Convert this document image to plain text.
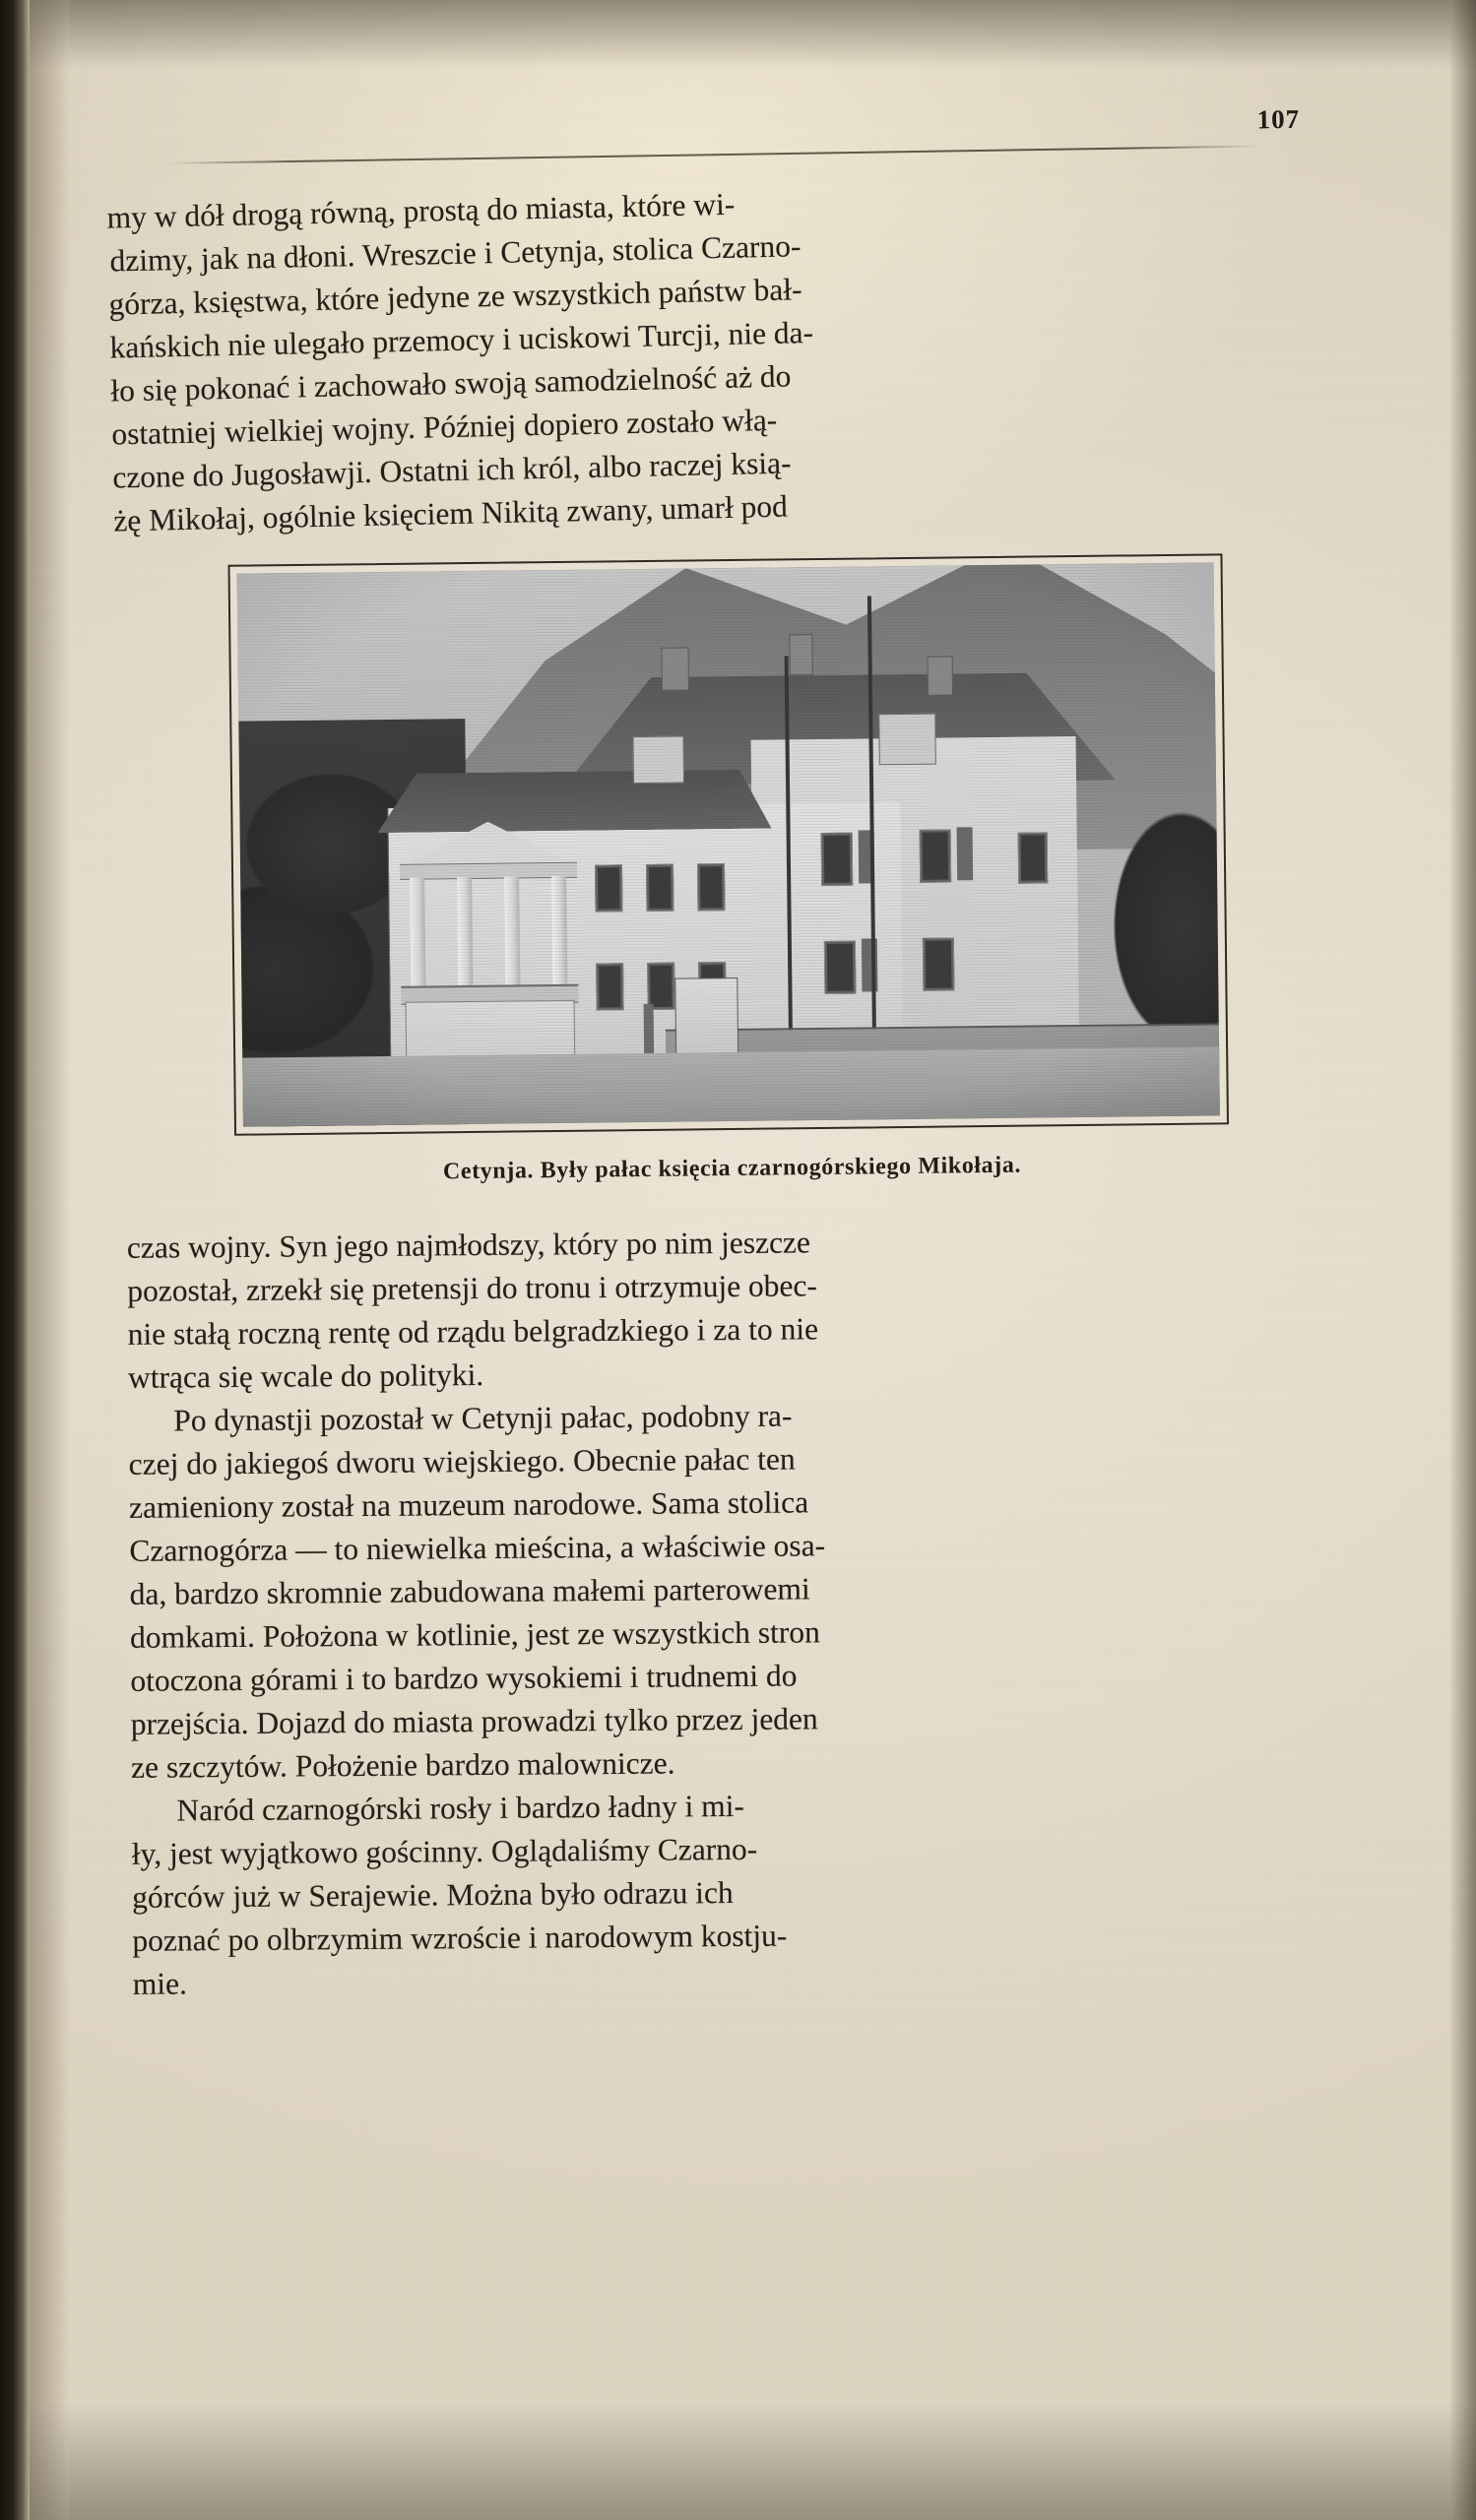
107
my w dół drogą równą, prostą do miasta, które wi-
dzimy, jak na dłoni. Wreszcie i Cetynja, stolica Czarno-
górza, księstwa, które jedyne ze wszystkich państw bał-
kańskich nie ulegało przemocy i uciskowi Turcji, nie da-
ło się pokonać i zachowało swoją samodzielność aż do
ostatniej wielkiej wojny. Później dopiero zostało włą-
czone do Jugosławji. Ostatni ich król, albo raczej ksią-
żę Mikołaj, ogólnie księciem Nikitą zwany, umarł pod
Cetynja. Były pałac księcia czarnogórskiego Mikołaja.
czas wojny. Syn jego najmłodszy, który po nim jeszcze
pozostał, zrzekł się pretensji do tronu i otrzymuje obec-
nie stałą roczną rentę od rządu belgradzkiego i za to nie
wtrąca się wcale do polityki.
Po dynastji pozostał w Cetynji pałac, podobny ra-
czej do jakiegoś dworu wiejskiego. Obecnie pałac ten
zamieniony został na muzeum narodowe. Sama stolica
Czarnogórza — to niewielka mieścina, a właściwie osa-
da, bardzo skromnie zabudowana małemi parterowemi
domkami. Położona w kotlinie, jest ze wszystkich stron
otoczona górami i to bardzo wysokiemi i trudnemi do
przejścia. Dojazd do miasta prowadzi tylko przez jeden
ze szczytów. Położenie bardzo malownicze.
Naród czarnogórski rosły i bardzo ładny i mi-
ły, jest wyjątkowo gościnny. Oglądaliśmy Czarno-
górców już w Serajewie. Można było odrazu ich
poznać po olbrzymim wzroście i narodowym kostju-
mie.
